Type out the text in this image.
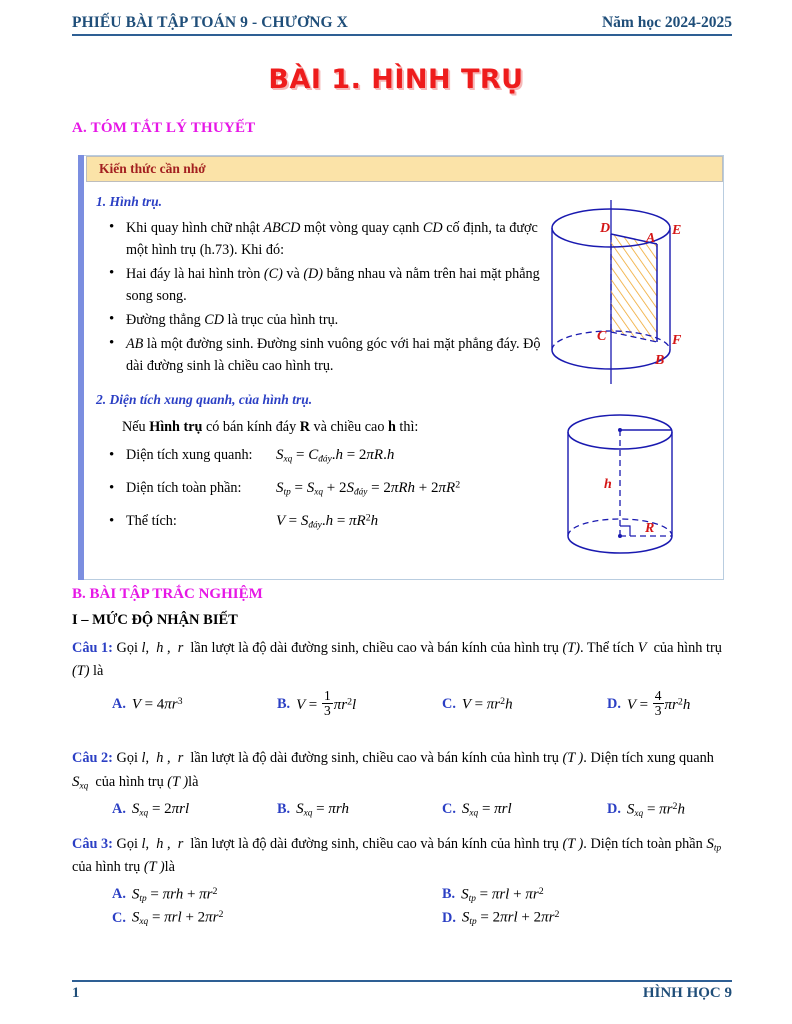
PHIẾU BÀI TẬP TOÁN 9 - CHƯƠNG X	Năm học 2024-2025
BÀI 1. HÌNH TRỤ
A. TÓM TẮT LÝ THUYẾT
Kiến thức cần nhớ
1. Hình trụ.
• Khi quay hình chữ nhật ABCD một vòng quay cạnh CD cố định, ta được một hình trụ (h.73). Khi đó:
• Hai đáy là hai hình tròn (C) và (D) bằng nhau và nằm trên hai mặt phẳng song song.
• Đường thẳng CD là trục của hình trụ.
• AB là một đường sinh. Đường sinh vuông góc với hai mặt phẳng đáy. Độ dài đường sinh là chiều cao hình trụ.
2. Diện tích xung quanh, của hình trụ.
Nếu Hình trụ có bán kính đáy R và chiều cao h thì:
• Diện tích xung quanh:	$S_{xq} = C_{đáy}.h = 2\pi R.h$
• Diện tích toàn phần:	$S_{tp} = S_{xq} + 2S_{đáy} = 2\pi Rh + 2\pi R^2$
• Thể tích:	$V = S_{đáy}.h = \pi R^2h$
D
A
E
C	F
B
h
R
B. BÀI TẬP TRẮC NGHIỆM
I – MỨC ĐỘ NHẬN BIẾT
Câu 1: Gọi l,  h ,  r  lần lượt là độ dài đường sinh, chiều cao và bán kính của hình trụ (T). Thể tích V  của hình trụ (T) là
A. $V = 4\pi r^3$	B. $V = \frac{1}{3} \pi r^2l$	C. $V = \pi r^2h$	D. $V = \frac{4}{3} \pi r^2h$
Câu 2: Gọi l,  h ,  r  lần lượt là độ dài đường sinh, chiều cao và bán kính của hình trụ (T ). Diện tích xung quanh $S_{xq}$  của hình trụ (T )là
A. $S_{xq} = 2\pi rl$	B. $S_{xq} = \pi rh$	C. $S_{xq} = \pi rl$	D. $S_{xq} = \pi r^2h$
Câu 3: Gọi l,  h ,  r  lần lượt là độ dài đường sinh, chiều cao và bán kính của hình trụ (T ). Diện tích toàn phần $S_{tp}$ của hình trụ (T )là
A. $S_{tp} = \pi rh + \pi r^2$	B. $S_{tp} = \pi rl + \pi r^2$
C. $S_{xq} = \pi rl + 2\pi r^2$	D. $S_{tp} = 2\pi rl + 2\pi r^2$
1	HÌNH HỌC 9
